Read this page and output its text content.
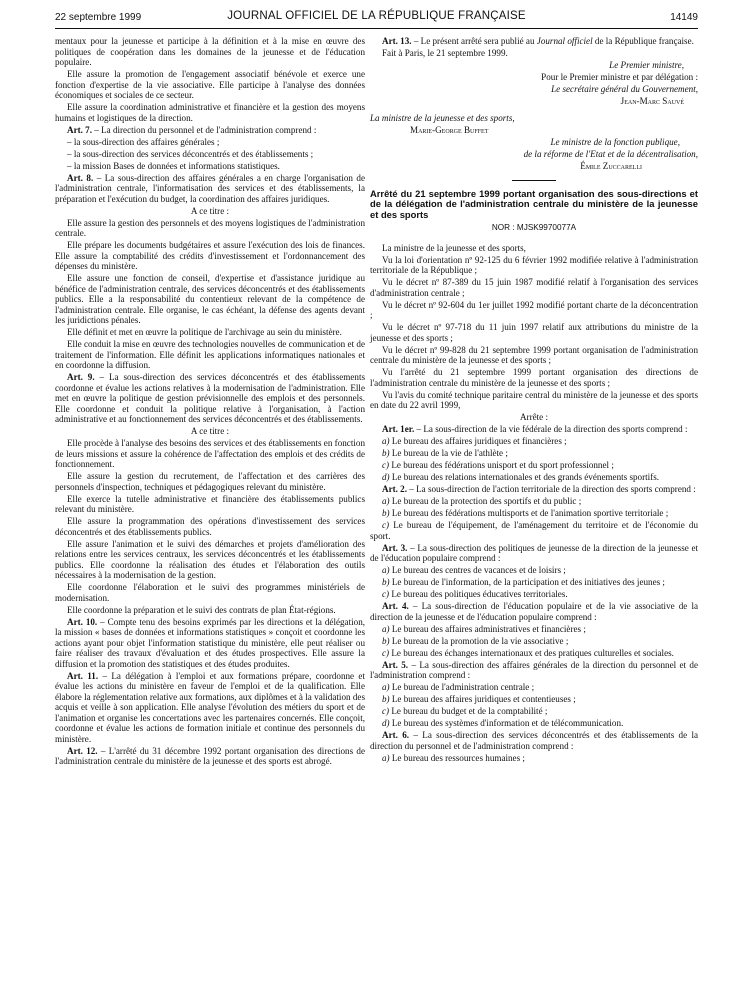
22 septembre 1999	JOURNAL OFFICIEL DE LA RÉPUBLIQUE FRANÇAISE	14149

mentaux pour la jeunesse et participe à la définition et à la mise en œuvre des politiques de coopération dans les domaines de la jeunesse et de l'éducation populaire.

Elle assure la promotion de l'engagement associatif bénévole et exerce une fonction d'expertise de la vie associative. Elle participe à l'analyse des données économiques et sociales de ce secteur.

Elle assure la coordination administrative et financière et la gestion des moyens humains et logistiques de la direction.

Art. 7. – La direction du personnel et de l'administration comprend :

– la sous-direction des affaires générales ;

– la sous-direction des services déconcentrés et des établissements ;

– la mission Bases de données et informations statistiques.

Art. 8. – La sous-direction des affaires générales a en charge l'organisation de l'administration centrale, l'informatisation des services et des établissements, la préparation et l'exécution du budget, la coordination des affaires juridiques.

A ce titre :

Elle assure la gestion des personnels et des moyens logistiques de l'administration centrale.

Elle prépare les documents budgétaires et assure l'exécution des lois de finances. Elle assure la comptabilité des crédits d'investissement et l'ordonnancement des dépenses du ministère.

Elle assure une fonction de conseil, d'expertise et d'assistance juridique au bénéfice de l'administration centrale, des services déconcentrés et des établissements publics. Elle a la responsabilité du contentieux relevant de la compétence de l'administration centrale. Elle organise, le cas échéant, la défense des agents devant les juridictions pénales.

Elle définit et met en œuvre la politique de l'archivage au sein du ministère.

Elle conduit la mise en œuvre des technologies nouvelles de communication et de traitement de l'information. Elle définit les applications informatiques nationales et en coordonne la diffusion.

Art. 9. – La sous-direction des services déconcentrés et des établissements coordonne et évalue les actions relatives à la modernisation de l'administration. Elle met en œuvre la politique de gestion prévisionnelle des emplois et des personnels. Elle coordonne et conduit la politique relative à l'organisation, à l'action administrative et au fonctionnement des services déconcentrés et des établissements.

A ce titre :

Elle procède à l'analyse des besoins des services et des établissements en fonction de leurs missions et assure la cohérence de l'affectation des emplois et des crédits de fonctionnement.

Elle assure la gestion du recrutement, de l'affectation et des carrières des personnels d'inspection, techniques et pédagogiques relevant du ministère.

Elle exerce la tutelle administrative et financière des établissements publics relevant du ministère.

Elle assure la programmation des opérations d'investissement des services déconcentrés et des établissements publics.

Elle assure l'animation et le suivi des démarches et projets d'amélioration des relations entre les services centraux, les services déconcentrés et les établissements publics. Elle coordonne la réalisation des études et l'élaboration des outils nécessaires à la modernisation de la gestion.

Elle coordonne l'élaboration et le suivi des programmes ministériels de modernisation.

Elle coordonne la préparation et le suivi des contrats de plan État-régions.

Art. 10. – Compte tenu des besoins exprimés par les directions et la délégation, la mission « bases de données et informations statistiques » conçoit et coordonne les actions ayant pour objet l'information statistique du ministère, elle peut réaliser ou faire réaliser des travaux d'évaluation et des études prospectives. Elle assure la diffusion et la promotion des statistiques et des études produites.

Art. 11. – La délégation à l'emploi et aux formations prépare, coordonne et évalue les actions du ministère en faveur de l'emploi et de la qualification. Elle élabore la réglementation relative aux formations, aux diplômes et à la validation des acquis et veille à son application. Elle analyse l'évolution des métiers du sport et de l'animation et organise les concertations avec les partenaires concernés. Elle conçoit, coordonne et évalue les actions de formation initiale et continue des personnels du ministère.

Art. 12. – L'arrêté du 31 décembre 1992 portant organisation des directions de l'administration centrale du ministère de la jeunesse et des sports est abrogé.

Art. 13. – Le présent arrêté sera publié au Journal officiel de la République française.

Fait à Paris, le 21 septembre 1999.

Le Premier ministre,

Pour le Premier ministre et par délégation :

Le secrétaire général du Gouvernement,

Jean-Marc Sauvé

La ministre de la jeunesse et des sports,

Marie-George Buffet

Le ministre de la fonction publique,

de la réforme de l'Etat et de la décentralisation,

Émile Zuccarelli

Arrêté du 21 septembre 1999 portant organisation des sous-directions et de la délégation de l'administration centrale du ministère de la jeunesse et des sports

NOR : MJSK9970077A

La ministre de la jeunesse et des sports,

Vu la loi d'orientation nº 92-125 du 6 février 1992 modifiée relative à l'administration territoriale de la République ;

Vu le décret nº 87-389 du 15 juin 1987 modifié relatif à l'organisation des services d'administration centrale ;

Vu le décret nº 92-604 du 1er juillet 1992 modifié portant charte de la déconcentration ;

Vu le décret nº 97-718 du 11 juin 1997 relatif aux attributions du ministre de la jeunesse et des sports ;

Vu le décret nº 99-828 du 21 septembre 1999 portant organisation de l'administration centrale du ministère de la jeunesse et des sports ;

Vu l'arrêté du 21 septembre 1999 portant organisation des directions de l'administration centrale du ministère de la jeunesse et des sports ;

Vu l'avis du comité technique paritaire central du ministère de la jeunesse et des sports en date du 22 avril 1999,

Arrête :

Art. 1er. – La sous-direction de la vie fédérale de la direction des sports comprend :

a) Le bureau des affaires juridiques et financières ;

b) Le bureau de la vie de l'athlète ;

c) Le bureau des fédérations unisport et du sport professionnel ;

d) Le bureau des relations internationales et des grands événements sportifs.

Art. 2. – La sous-direction de l'action territoriale de la direction des sports comprend :

a) Le bureau de la protection des sportifs et du public ;

b) Le bureau des fédérations multisports et de l'animation sportive territoriale ;

c) Le bureau de l'équipement, de l'aménagement du territoire et de l'économie du sport.

Art. 3. – La sous-direction des politiques de jeunesse de la direction de la jeunesse et de l'éducation populaire comprend :

a) Le bureau des centres de vacances et de loisirs ;

b) Le bureau de l'information, de la participation et des initiatives des jeunes ;

c) Le bureau des politiques éducatives territoriales.

Art. 4. – La sous-direction de l'éducation populaire et de la vie associative de la direction de la jeunesse et de l'éducation populaire comprend :

a) Le bureau des affaires administratives et financières ;

b) Le bureau de la promotion de la vie associative ;

c) Le bureau des échanges internationaux et des pratiques culturelles et sociales.

Art. 5. – La sous-direction des affaires générales de la direction du personnel et de l'administration comprend :

a) Le bureau de l'administration centrale ;

b) Le bureau des affaires juridiques et contentieuses ;

c) Le bureau du budget et de la comptabilité ;

d) Le bureau des systèmes d'information et de télécommunication.

Art. 6. – La sous-direction des services déconcentrés et des établissements de la direction du personnel et de l'administration comprend :

a) Le bureau des ressources humaines ;
